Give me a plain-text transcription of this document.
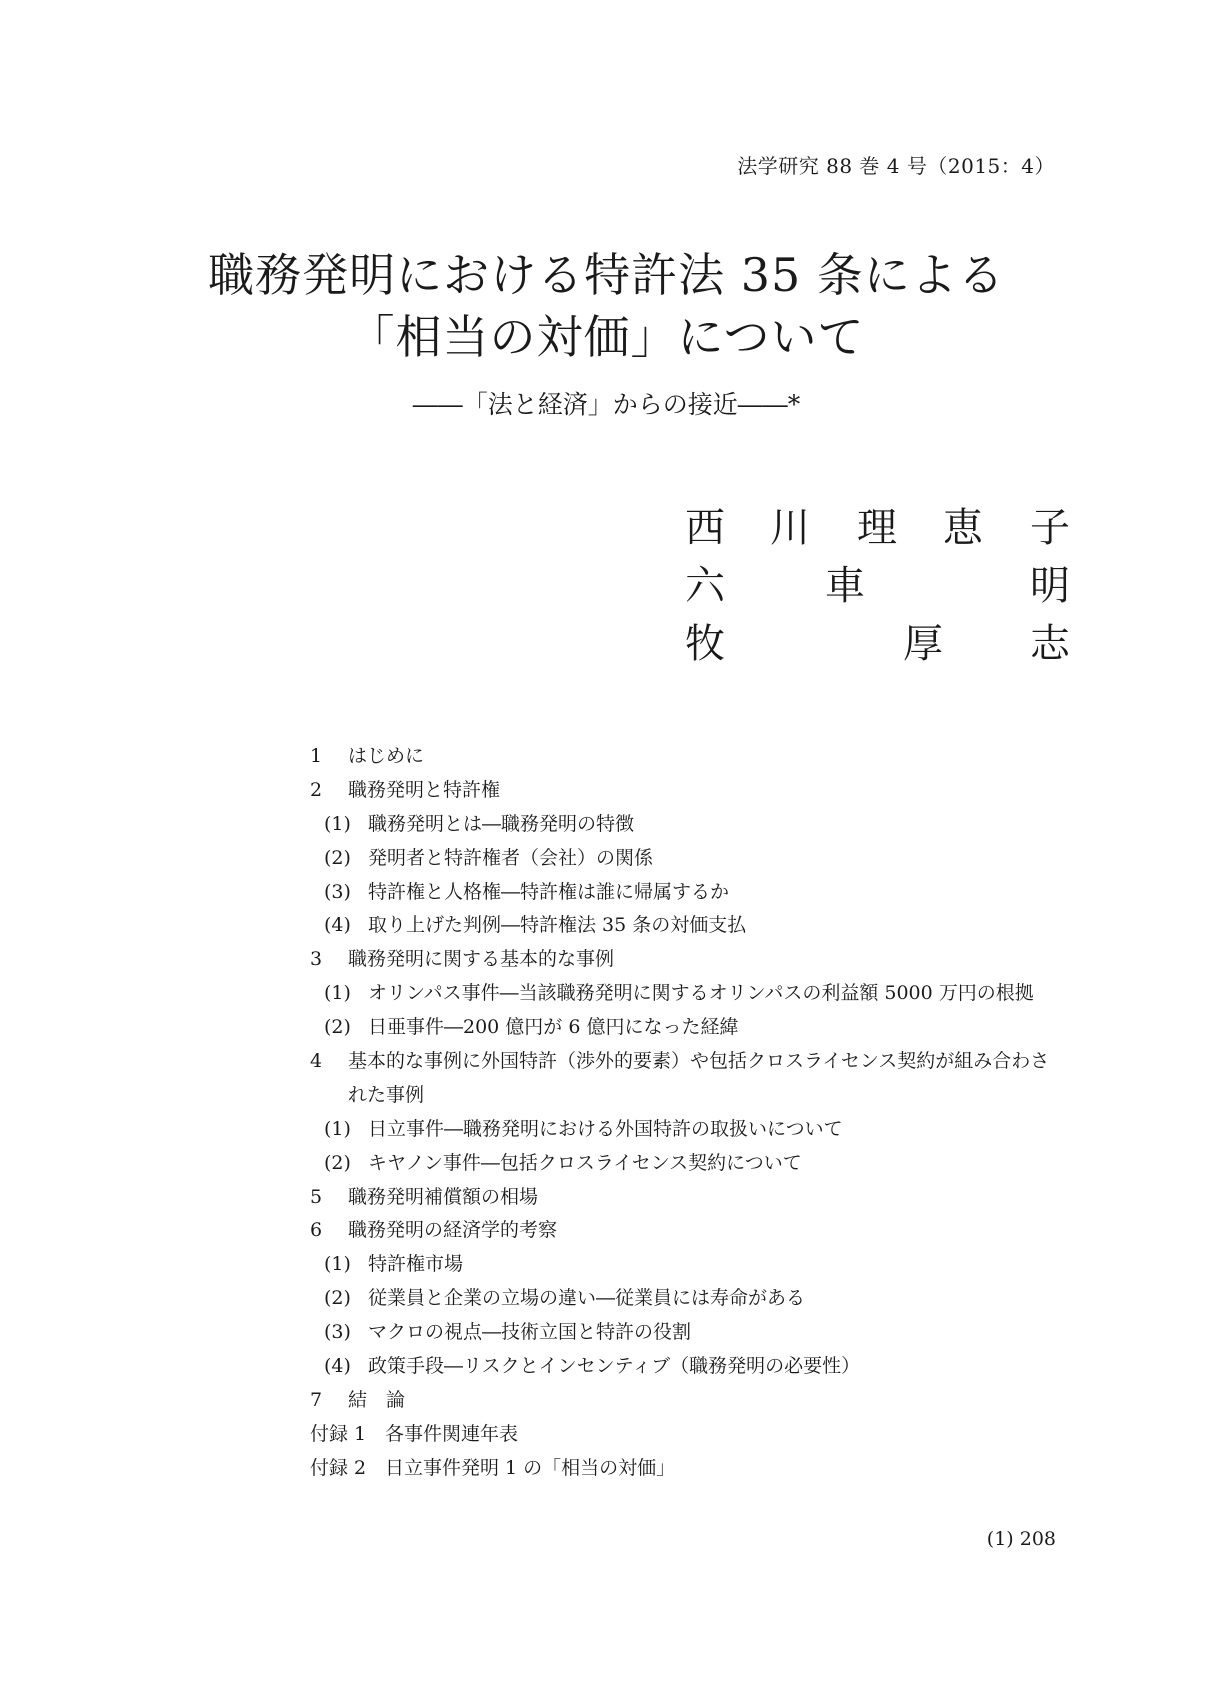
法学研究 88 巻 4 号（2015：4）
職務発明における特許法 35 条による
「相当の対価」について
――「法と経済」からの接近――*
西 川 理 恵 子
六	車	明
牧	厚 志
1 はじめに
2 職務発明と特許権
(1) 職務発明とは―職務発明の特徴
(2) 発明者と特許権者（会社）の関係
(3) 特許権と人格権―特許権は誰に帰属するか
(4) 取り上げた判例―特許権法 35 条の対価支払
3 職務発明に関する基本的な事例
(1) オリンパス事件―当該職務発明に関するオリンパスの利益額 5000 万円の根拠
(2) 日亜事件―200 億円が 6 億円になった経緯
4 基本的な事例に外国特許（渉外的要素）や包括クロスライセンス契約が組み合わさ
れた事例
(1) 日立事件―職務発明における外国特許の取扱いについて
(2) キヤノン事件―包括クロスライセンス契約について
5 職務発明補償額の相場
6 職務発明の経済学的考察
(1) 特許権市場
(2) 従業員と企業の立場の違い―従業員には寿命がある
(3) マクロの視点―技術立国と特許の役割
(4) 政策手段―リスクとインセンティブ（職務発明の必要性）
7 結　論
付録 1 各事件関連年表
付録 2 日立事件発明 1 の「相当の対価」
(1) 208
